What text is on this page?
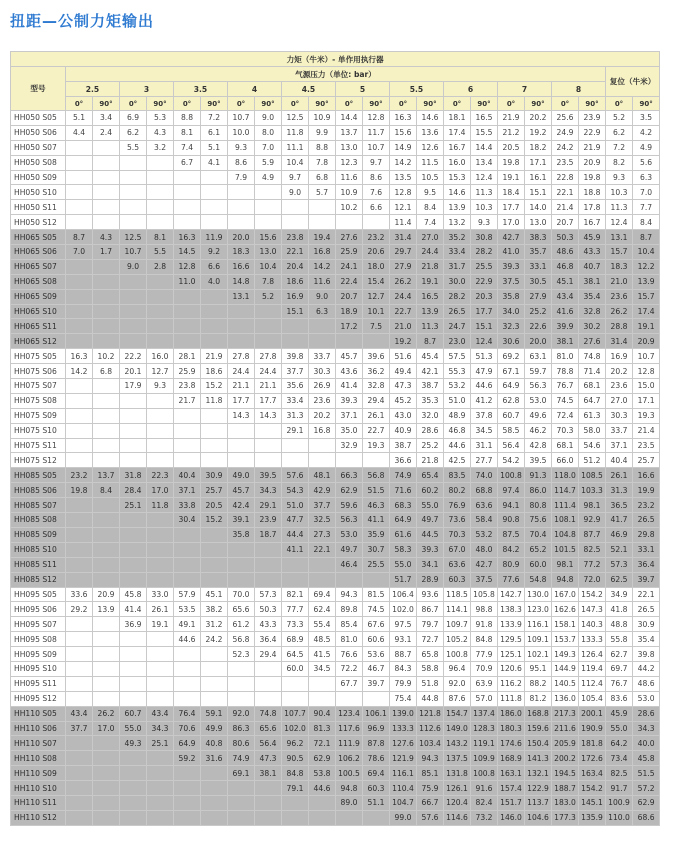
扭距—公制力矩输出
力矩（牛米）- 单作用执行器																						
型号	气源压力（单位: bar）																				复位（牛米）	
	2.5		3		3.5		4		4.5		5		5.5		6		7		8			
	0°	90°	0°	90°	0°	90°	0°	90°	0°	90°	0°	90°	0°	90°	0°	90°	0°	90°	0°	90°	0°	90°
HH050 S05	5.1	3.4	6.9	5.3	8.8	7.2	10.7	9.0	12.5	10.9	14.4	12.8	16.3	14.6	18.1	16.5	21.9	20.2	25.6	23.9	5.2	3.5
HH050 S06	4.4	2.4	6.2	4.3	8.1	6.1	10.0	8.0	11.8	9.9	13.7	11.7	15.6	13.6	17.4	15.5	21.2	19.2	24.9	22.9	6.2	4.2
HH050 S07			5.5	3.2	7.4	5.1	9.3	7.0	11.1	8.8	13.0	10.7	14.9	12.6	16.7	14.4	20.5	18.2	24.2	21.9	7.2	4.9
HH050 S08					6.7	4.1	8.6	5.9	10.4	7.8	12.3	9.7	14.2	11.5	16.0	13.4	19.8	17.1	23.5	20.9	8.2	5.6
HH050 S09							7.9	4.9	9.7	6.8	11.6	8.6	13.5	10.5	15.3	12.4	19.1	16.1	22.8	19.8	9.3	6.3
HH050 S10									9.0	5.7	10.9	7.6	12.8	9.5	14.6	11.3	18.4	15.1	22.1	18.8	10.3	7.0
HH050 S11											10.2	6.6	12.1	8.4	13.9	10.3	17.7	14.0	21.4	17.8	11.3	7.7
HH050 S12													11.4	7.4	13.2	9.3	17.0	13.0	20.7	16.7	12.4	8.4
HH065 S05	8.7	4.3	12.5	8.1	16.3	11.9	20.0	15.6	23.8	19.4	27.6	23.2	31.4	27.0	35.2	30.8	42.7	38.3	50.3	45.9	13.1	8.7
HH065 S06	7.0	1.7	10.7	5.5	14.5	9.2	18.3	13.0	22.1	16.8	25.9	20.6	29.7	24.4	33.4	28.2	41.0	35.7	48.6	43.3	15.7	10.4
HH065 S07			9.0	2.8	12.8	6.6	16.6	10.4	20.4	14.2	24.1	18.0	27.9	21.8	31.7	25.5	39.3	33.1	46.8	40.7	18.3	12.2
HH065 S08					11.0	4.0	14.8	7.8	18.6	11.6	22.4	15.4	26.2	19.1	30.0	22.9	37.5	30.5	45.1	38.1	21.0	13.9
HH065 S09							13.1	5.2	16.9	9.0	20.7	12.7	24.4	16.5	28.2	20.3	35.8	27.9	43.4	35.4	23.6	15.7
HH065 S10									15.1	6.3	18.9	10.1	22.7	13.9	26.5	17.7	34.0	25.2	41.6	32.8	26.2	17.4
HH065 S11											17.2	7.5	21.0	11.3	24.7	15.1	32.3	22.6	39.9	30.2	28.8	19.1
HH065 S12													19.2	8.7	23.0	12.4	30.6	20.0	38.1	27.6	31.4	20.9
HH075 S05	16.3	10.2	22.2	16.0	28.1	21.9	27.8	27.8	39.8	33.7	45.7	39.6	51.6	45.4	57.5	51.3	69.2	63.1	81.0	74.8	16.9	10.7
HH075 S06	14.2	6.8	20.1	12.7	25.9	18.6	24.4	24.4	37.7	30.3	43.6	36.2	49.4	42.1	55.3	47.9	67.1	59.7	78.8	71.4	20.2	12.8
HH075 S07			17.9	9.3	23.8	15.2	21.1	21.1	35.6	26.9	41.4	32.8	47.3	38.7	53.2	44.6	64.9	56.3	76.7	68.1	23.6	15.0
HH075 S08					21.7	11.8	17.7	17.7	33.4	23.6	39.3	29.4	45.2	35.3	51.0	41.2	62.8	53.0	74.5	64.7	27.0	17.1
HH075 S09							14.3	14.3	31.3	20.2	37.1	26.1	43.0	32.0	48.9	37.8	60.7	49.6	72.4	61.3	30.3	19.3
HH075 S10									29.1	16.8	35.0	22.7	40.9	28.6	46.8	34.5	58.5	46.2	70.3	58.0	33.7	21.4
HH075 S11											32.9	19.3	38.7	25.2	44.6	31.1	56.4	42.8	68.1	54.6	37.1	23.5
HH075 S12													36.6	21.8	42.5	27.7	54.2	39.5	66.0	51.2	40.4	25.7
HH085 S05	23.2	13.7	31.8	22.3	40.4	30.9	49.0	39.5	57.6	48.1	66.3	56.8	74.9	65.4	83.5	74.0	100.8	91.3	118.0	108.5	26.1	16.6
HH085 S06	19.8	8.4	28.4	17.0	37.1	25.7	45.7	34.3	54.3	42.9	62.9	51.5	71.6	60.2	80.2	68.8	97.4	86.0	114.7	103.3	31.3	19.9
HH085 S07			25.1	11.8	33.8	20.5	42.4	29.1	51.0	37.7	59.6	46.3	68.3	55.0	76.9	63.6	94.1	80.8	111.4	98.1	36.5	23.2
HH085 S08					30.4	15.2	39.1	23.9	47.7	32.5	56.3	41.1	64.9	49.7	73.6	58.4	90.8	75.6	108.1	92.9	41.7	26.5
HH085 S09							35.8	18.7	44.4	27.3	53.0	35.9	61.6	44.5	70.3	53.2	87.5	70.4	104.8	87.7	46.9	29.8
HH085 S10									41.1	22.1	49.7	30.7	58.3	39.3	67.0	48.0	84.2	65.2	101.5	82.5	52.1	33.1
HH085 S11											46.4	25.5	55.0	34.1	63.6	42.7	80.9	60.0	98.1	77.2	57.3	36.4
HH085 S12													51.7	28.9	60.3	37.5	77.6	54.8	94.8	72.0	62.5	39.7
HH095 S05	33.6	20.9	45.8	33.0	57.9	45.1	70.0	57.3	82.1	69.4	94.3	81.5	106.4	93.6	118.5	105.8	142.7	130.0	167.0	154.2	34.9	22.1
HH095 S06	29.2	13.9	41.4	26.1	53.5	38.2	65.6	50.3	77.7	62.4	89.8	74.5	102.0	86.7	114.1	98.8	138.3	123.0	162.6	147.3	41.8	26.5
HH095 S07			36.9	19.1	49.1	31.2	61.2	43.3	73.3	55.4	85.4	67.6	97.5	79.7	109.7	91.8	133.9	116.1	158.1	140.3	48.8	30.9
HH095 S08					44.6	24.2	56.8	36.4	68.9	48.5	81.0	60.6	93.1	72.7	105.2	84.8	129.5	109.1	153.7	133.3	55.8	35.4
HH095 S09							52.3	29.4	64.5	41.5	76.6	53.6	88.7	65.8	100.8	77.9	125.1	102.1	149.3	126.4	62.7	39.8
HH095 S10									60.0	34.5	72.2	46.7	84.3	58.8	96.4	70.9	120.6	95.1	144.9	119.4	69.7	44.2
HH095 S11											67.7	39.7	79.9	51.8	92.0	63.9	116.2	88.2	140.5	112.4	76.7	48.6
HH095 S12													75.4	44.8	87.6	57.0	111.8	81.2	136.0	105.4	83.6	53.0
HH110 S05	43.4	26.2	60.7	43.4	76.4	59.1	92.0	74.8	107.7	90.4	123.4	106.1	139.0	121.8	154.7	137.4	186.0	168.8	217.3	200.1	45.9	28.6
HH110 S06	37.7	17.0	55.0	34.3	70.6	49.9	86.3	65.6	102.0	81.3	117.6	96.9	133.3	112.6	149.0	128.3	180.3	159.6	211.6	190.9	55.0	34.3
HH110 S07			49.3	25.1	64.9	40.8	80.6	56.4	96.2	72.1	111.9	87.8	127.6	103.4	143.2	119.1	174.6	150.4	205.9	181.8	64.2	40.0
HH110 S08					59.2	31.6	74.9	47.3	90.5	62.9	106.2	78.6	121.9	94.3	137.5	109.9	168.9	141.3	200.2	172.6	73.4	45.8
HH110 S09							69.1	38.1	84.8	53.8	100.5	69.4	116.1	85.1	131.8	100.8	163.1	132.1	194.5	163.4	82.5	51.5
HH110 S10									79.1	44.6	94.8	60.3	110.4	75.9	126.1	91.6	157.4	122.9	188.7	154.2	91.7	57.2
HH110 S11											89.0	51.1	104.7	66.7	120.4	82.4	151.7	113.7	183.0	145.1	100.9	62.9
HH110 S12													99.0	57.6	114.6	73.2	146.0	104.6	177.3	135.9	110.0	68.6
